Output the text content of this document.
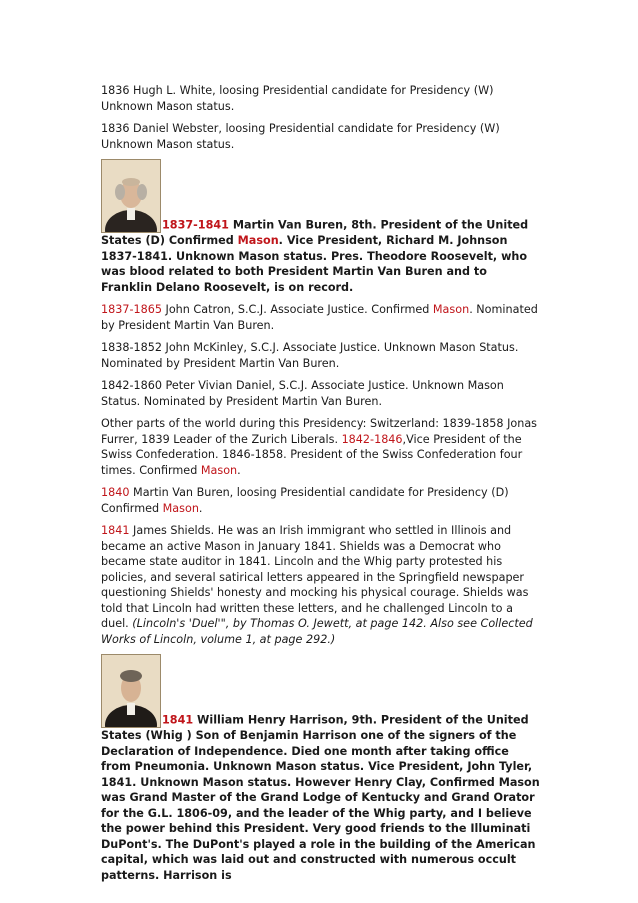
1836 Hugh L. White, loosing Presidential candidate for Presidency (W) Unknown Mason status.

1836 Daniel Webster, loosing Presidential candidate for Presidency (W) Unknown Mason status.

1837-1841 Martin Van Buren, 8th. President of the United States (D) Confirmed Mason. Vice President, Richard M. Johnson 1837-1841. Unknown Mason status. Pres. Theodore Roosevelt, who was blood related to both President Martin Van Buren and to Franklin Delano Roosevelt, is on record.

1837-1865 John Catron, S.C.J. Associate Justice. Confirmed Mason. Nominated by President Martin Van Buren.

1838-1852 John McKinley, S.C.J. Associate Justice. Unknown Mason Status. Nominated by President Martin Van Buren.

1842-1860 Peter Vivian Daniel, S.C.J. Associate Justice. Unknown Mason Status. Nominated by President Martin Van Buren.

Other parts of the world during this Presidency: Switzerland: 1839-1858 Jonas Furrer, 1839 Leader of the Zurich Liberals. 1842-1846,Vice President of the Swiss Confederation. 1846-1858. President of the Swiss Confederation four times. Confirmed Mason.

1840 Martin Van Buren, loosing Presidential candidate for Presidency (D) Confirmed Mason.

1841 James Shields. He was an Irish immigrant who settled in Illinois and became an active Mason in January 1841. Shields was a Democrat who became state auditor in 1841. Lincoln and the Whig party protested his policies, and several satirical letters appeared in the Springfield newspaper questioning Shields' honesty and mocking his physical courage. Shields was told that Lincoln had written these letters, and he challenged Lincoln to a duel. (Lincoln's 'Duel'", by Thomas O. Jewett, at page 142. Also see Collected Works of Lincoln, volume 1, at page 292.)

1841 William Henry Harrison, 9th. President of the United States (Whig ) Son of Benjamin Harrison one of the signers of the Declaration of Independence. Died one month after taking office from Pneumonia. Unknown Mason status. Vice President, John Tyler, 1841. Unknown Mason status. However Henry Clay, Confirmed Mason was Grand Master of the Grand Lodge of Kentucky and Grand Orator for the G.L. 1806-09, and the leader of the Whig party, and I believe the power behind this President. Very good friends to the Illuminati DuPont's. The DuPont's played a role in the building of the American capital, which was laid out and constructed with numerous occult patterns. Harrison is
